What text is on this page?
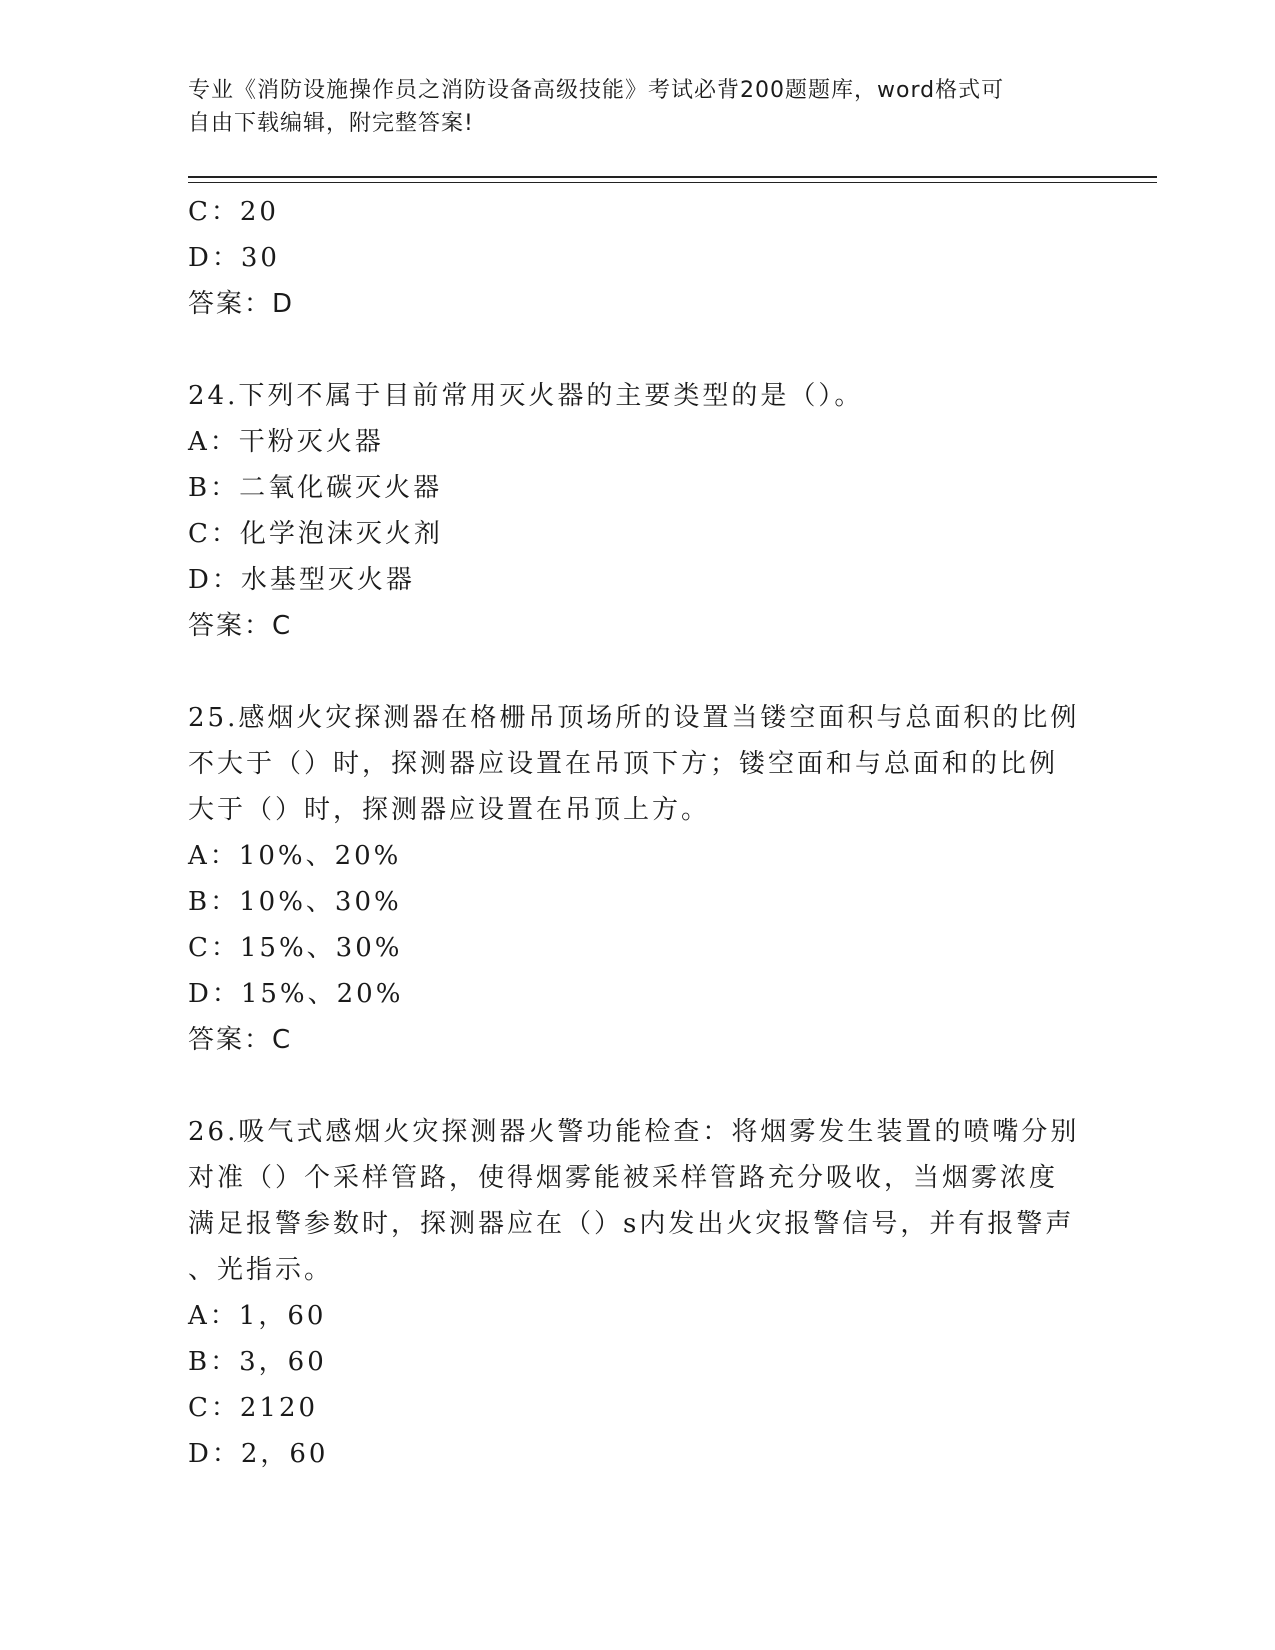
专业《消防设施操作员之消防设备高级技能》考试必背200题题库，word格式可
自由下载编辑，附完整答案!
C：20
D：30
答案：D
24.下列不属于目前常用灭火器的主要类型的是（）。
A：干粉灭火器
B：二氧化碳灭火器
C：化学泡沫灭火剂
D：水基型灭火器
答案：C
25.感烟火灾探测器在格栅吊顶场所的设置当镂空面积与总面积的比例
不大于（）时，探测器应设置在吊顶下方；镂空面和与总面和的比例
大于（）时，探测器应设置在吊顶上方。
A：10%、20%
B：10%、30%
C：15%、30%
D：15%、20%
答案：C
26.吸气式感烟火灾探测器火警功能检查：将烟雾发生装置的喷嘴分别
对准（）个采样管路，使得烟雾能被采样管路充分吸收，当烟雾浓度
满足报警参数时，探测器应在（）s内发出火灾报警信号，并有报警声
、光指示。
A：1，60
B：3，60
C：2120
D：2，60
